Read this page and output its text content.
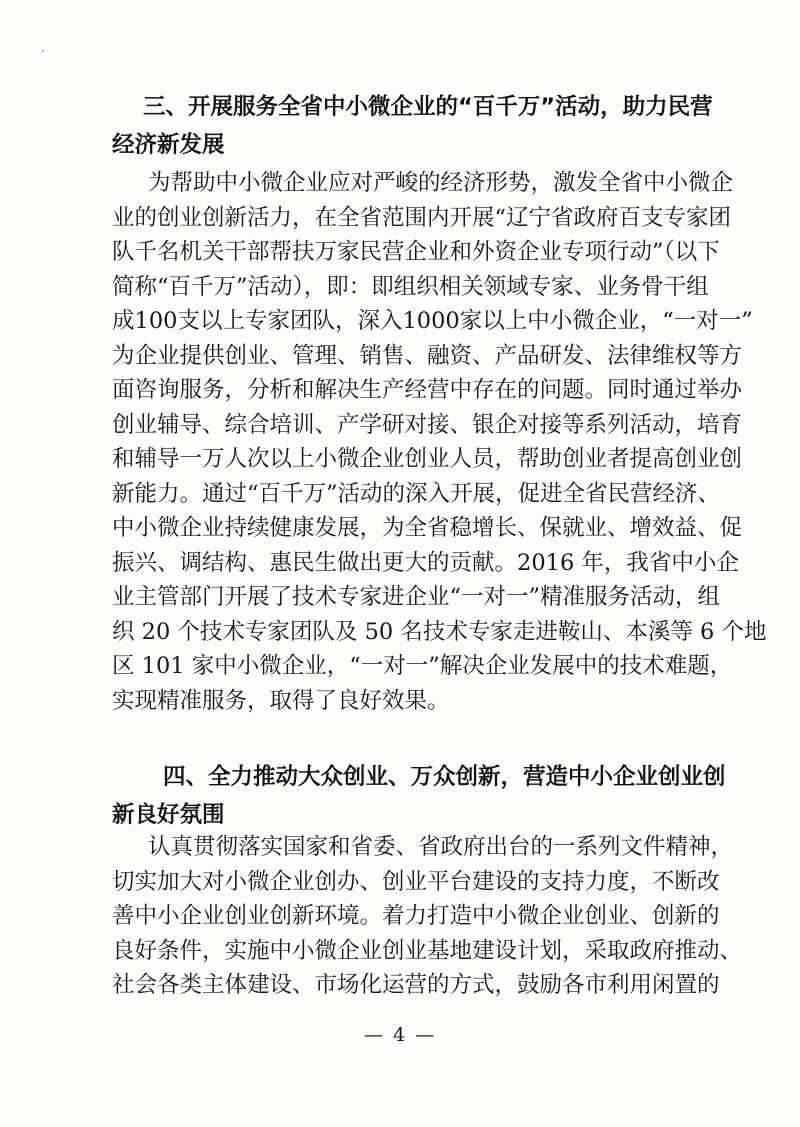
三、开展服务全省中小微企业的“百千万”活动，助力民营
经济新发展

为帮助中小微企业应对严峻的经济形势，激发全省中小微企
业的创业创新活力，在全省范围内开展“辽宁省政府百支专家团
队千名机关干部帮扶万家民营企业和外资企业专项行动”（以下
简称“百千万”活动），即：即组织相关领域专家、业务骨干组
成100支以上专家团队，深入1000家以上中小微企业，“一对一”
为企业提供创业、管理、销售、融资、产品研发、法律维权等方
面咨询服务，分析和解决生产经营中存在的问题。同时通过举办
创业辅导、综合培训、产学研对接、银企对接等系列活动，培育
和辅导一万人次以上小微企业创业人员，帮助创业者提高创业创
新能力。通过“百千万”活动的深入开展，促进全省民营经济、
中小微企业持续健康发展，为全省稳增长、保就业、增效益、促
振兴、调结构、惠民生做出更大的贡献。2016 年，我省中小企
业主管部门开展了技术专家进企业“一对一”精准服务活动，组
织 20 个技术专家团队及 50 名技术专家走进鞍山、本溪等 6 个地
区 101 家中小微企业，“一对一”解决企业发展中的技术难题，
实现精准服务，取得了良好效果。

四、全力推动大众创业、万众创新，营造中小企业创业创
新良好氛围

认真贯彻落实国家和省委、省政府出台的一系列文件精神，
切实加大对小微企业创办、创业平台建设的支持力度，不断改
善中小企业创业创新环境。着力打造中小微企业创业、创新的
良好条件，实施中小微企业创业基地建设计划，采取政府推动、
社会各类主体建设、市场化运营的方式，鼓励各市利用闲置的

— 4 —
